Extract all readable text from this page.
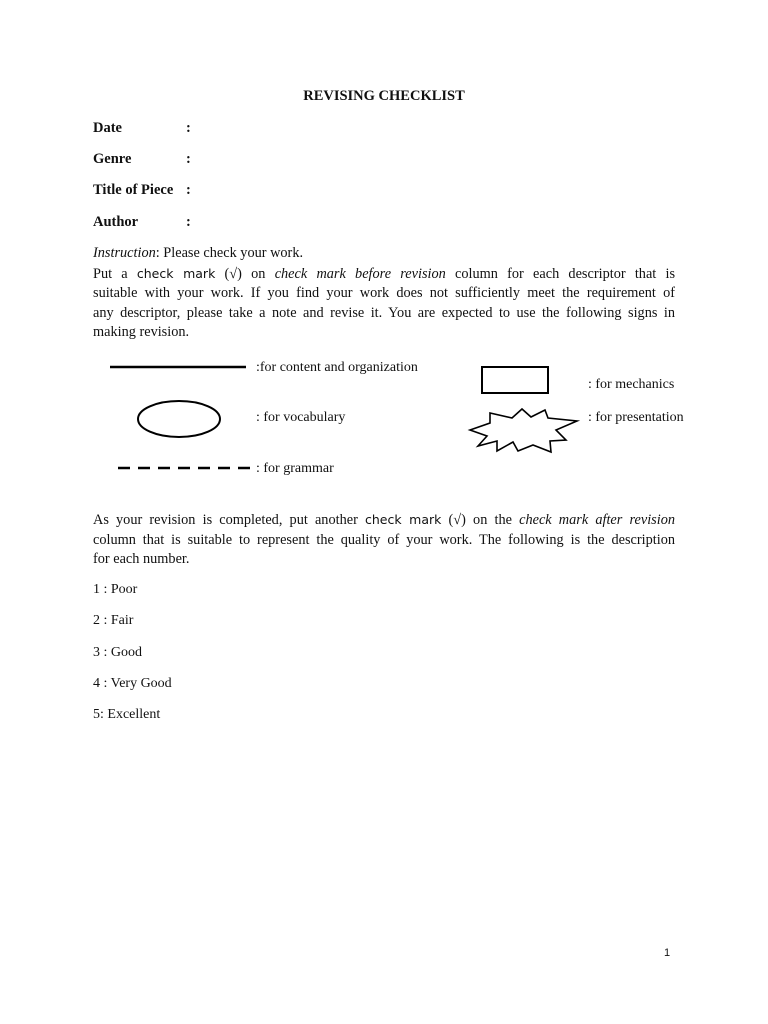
REVISING CHECKLIST
Date	:
Genre	:
Title of Piece :
Author	:
Instruction: Please check your work.
Put a check mark (√) on check mark before revision column for each descriptor that is
suitable with your work. If you find your work does not sufficiently meet the requirement of
any descriptor, please take a note and revise it. You are expected to use the following signs in
making revision.
:for content and organization
: for mechanics
: for vocabulary	: for presentation
: for grammar
As your revision is completed, put another check mark (√) on the check mark after revision
column that is suitable to represent the quality of your work. The following is the description
for each number.
1 : Poor
2 : Fair
3 : Good
4 : Very Good
5: Excellent
1
